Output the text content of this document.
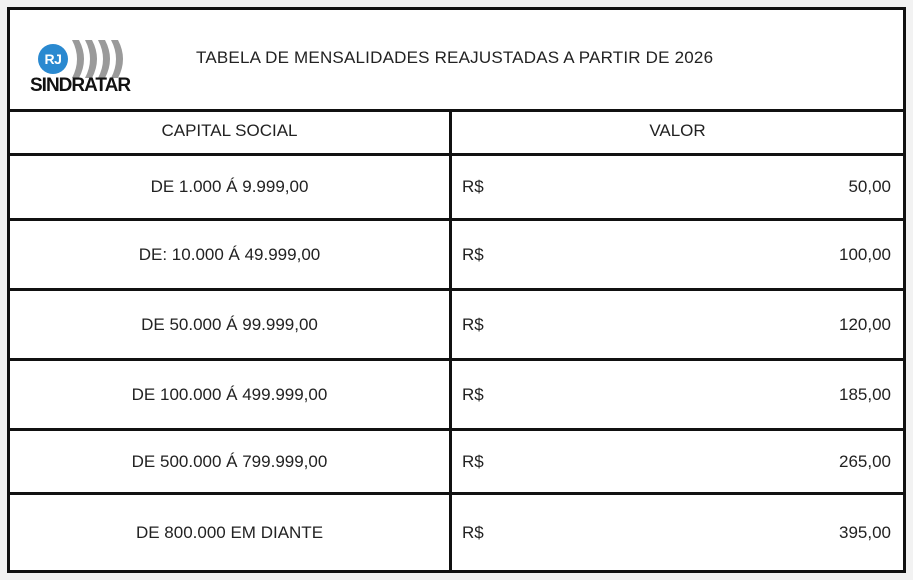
RJ
SINDRATAR
TABELA DE MENSALIDADES REAJUSTADAS A PARTIR DE 2026
CAPITAL SOCIAL	VALOR
DE 1.000 Á 9.999,00	R$	50,00
DE: 10.000 Á 49.999,00	R$	100,00
DE 50.000 Á 99.999,00	R$	120,00
DE 100.000 Á 499.999,00	R$	185,00
DE 500.000 Á 799.999,00	R$	265,00
DE 800.000 EM DIANTE	R$	395,00
